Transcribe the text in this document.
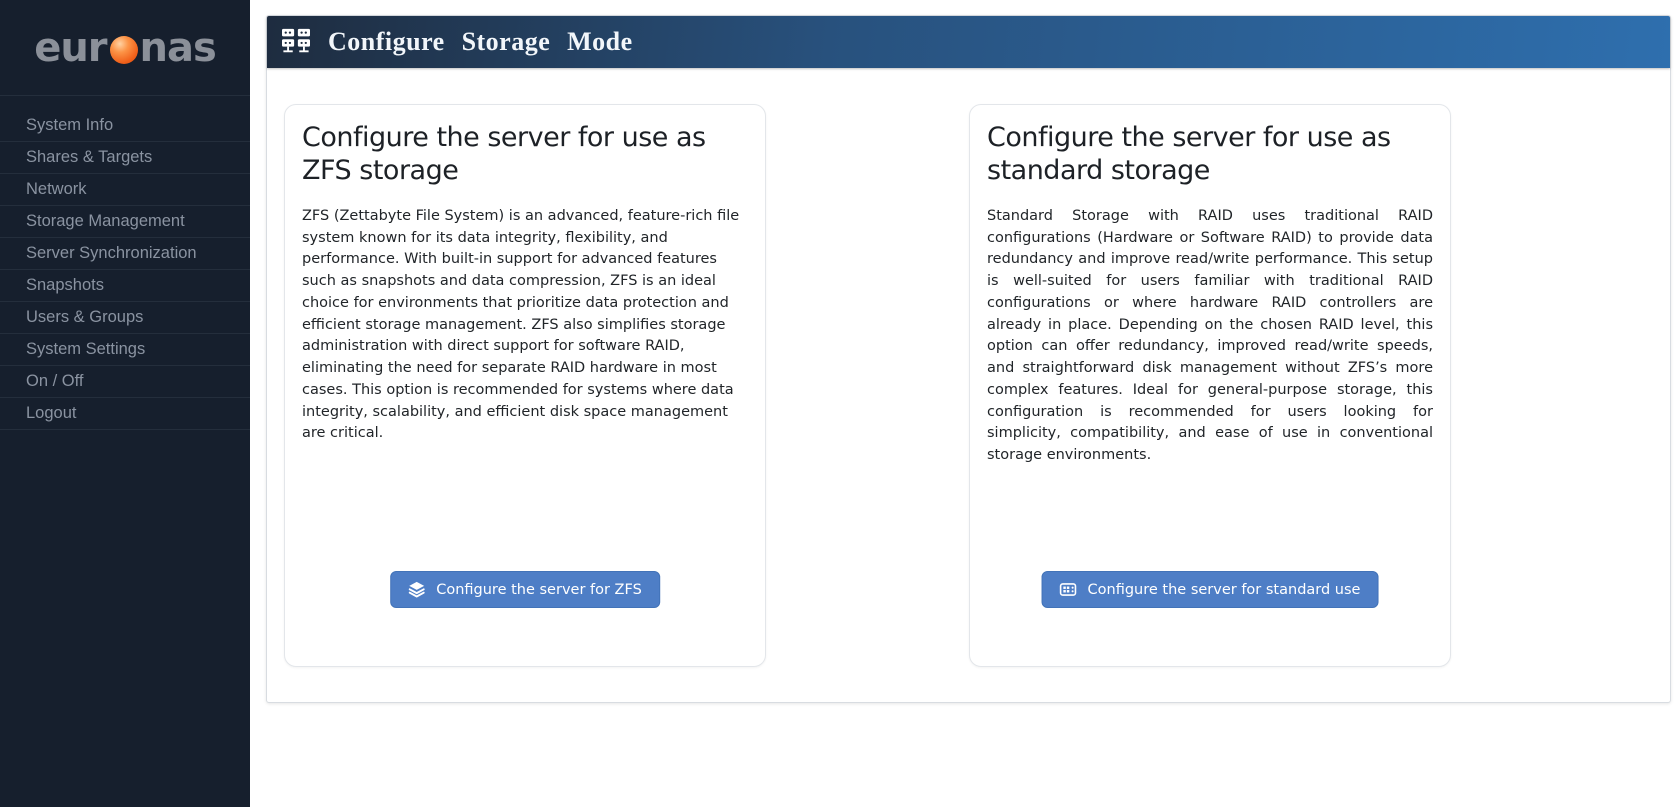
eur nas
System Info
Shares & Targets
Network
Storage Management
Server Synchronization
Snapshots
Users & Groups
System Settings
On / Off
Logout
Configure Storage Mode
Configure the server for use as ZFS storage

ZFS (Zettabyte File System) is an advanced, feature-rich file system known for its data integrity, flexibility, and performance. With built-in support for advanced features such as snapshots and data compression, ZFS is an ideal choice for environments that prioritize data protection and efficient storage management. ZFS also simplifies storage administration with direct support for software RAID, eliminating the need for separate RAID hardware in most cases. This option is recommended for systems where data integrity, scalability, and efficient disk space management are critical.

Configure the server for ZFS
Configure the server for use as standard storage

Standard Storage with RAID uses traditional RAID configurations (Hardware or Software RAID) to provide data redundancy and improve read/write performance. This setup is well-suited for users familiar with traditional RAID configurations or where hardware RAID controllers are already in place. Depending on the chosen RAID level, this option can offer redundancy, improved read/write speeds, and straightforward disk management without ZFS’s more complex features. Ideal for general-purpose storage, this configuration is recommended for users looking for simplicity, compatibility, and ease of use in conventional storage environments.

Configure the server for standard use
